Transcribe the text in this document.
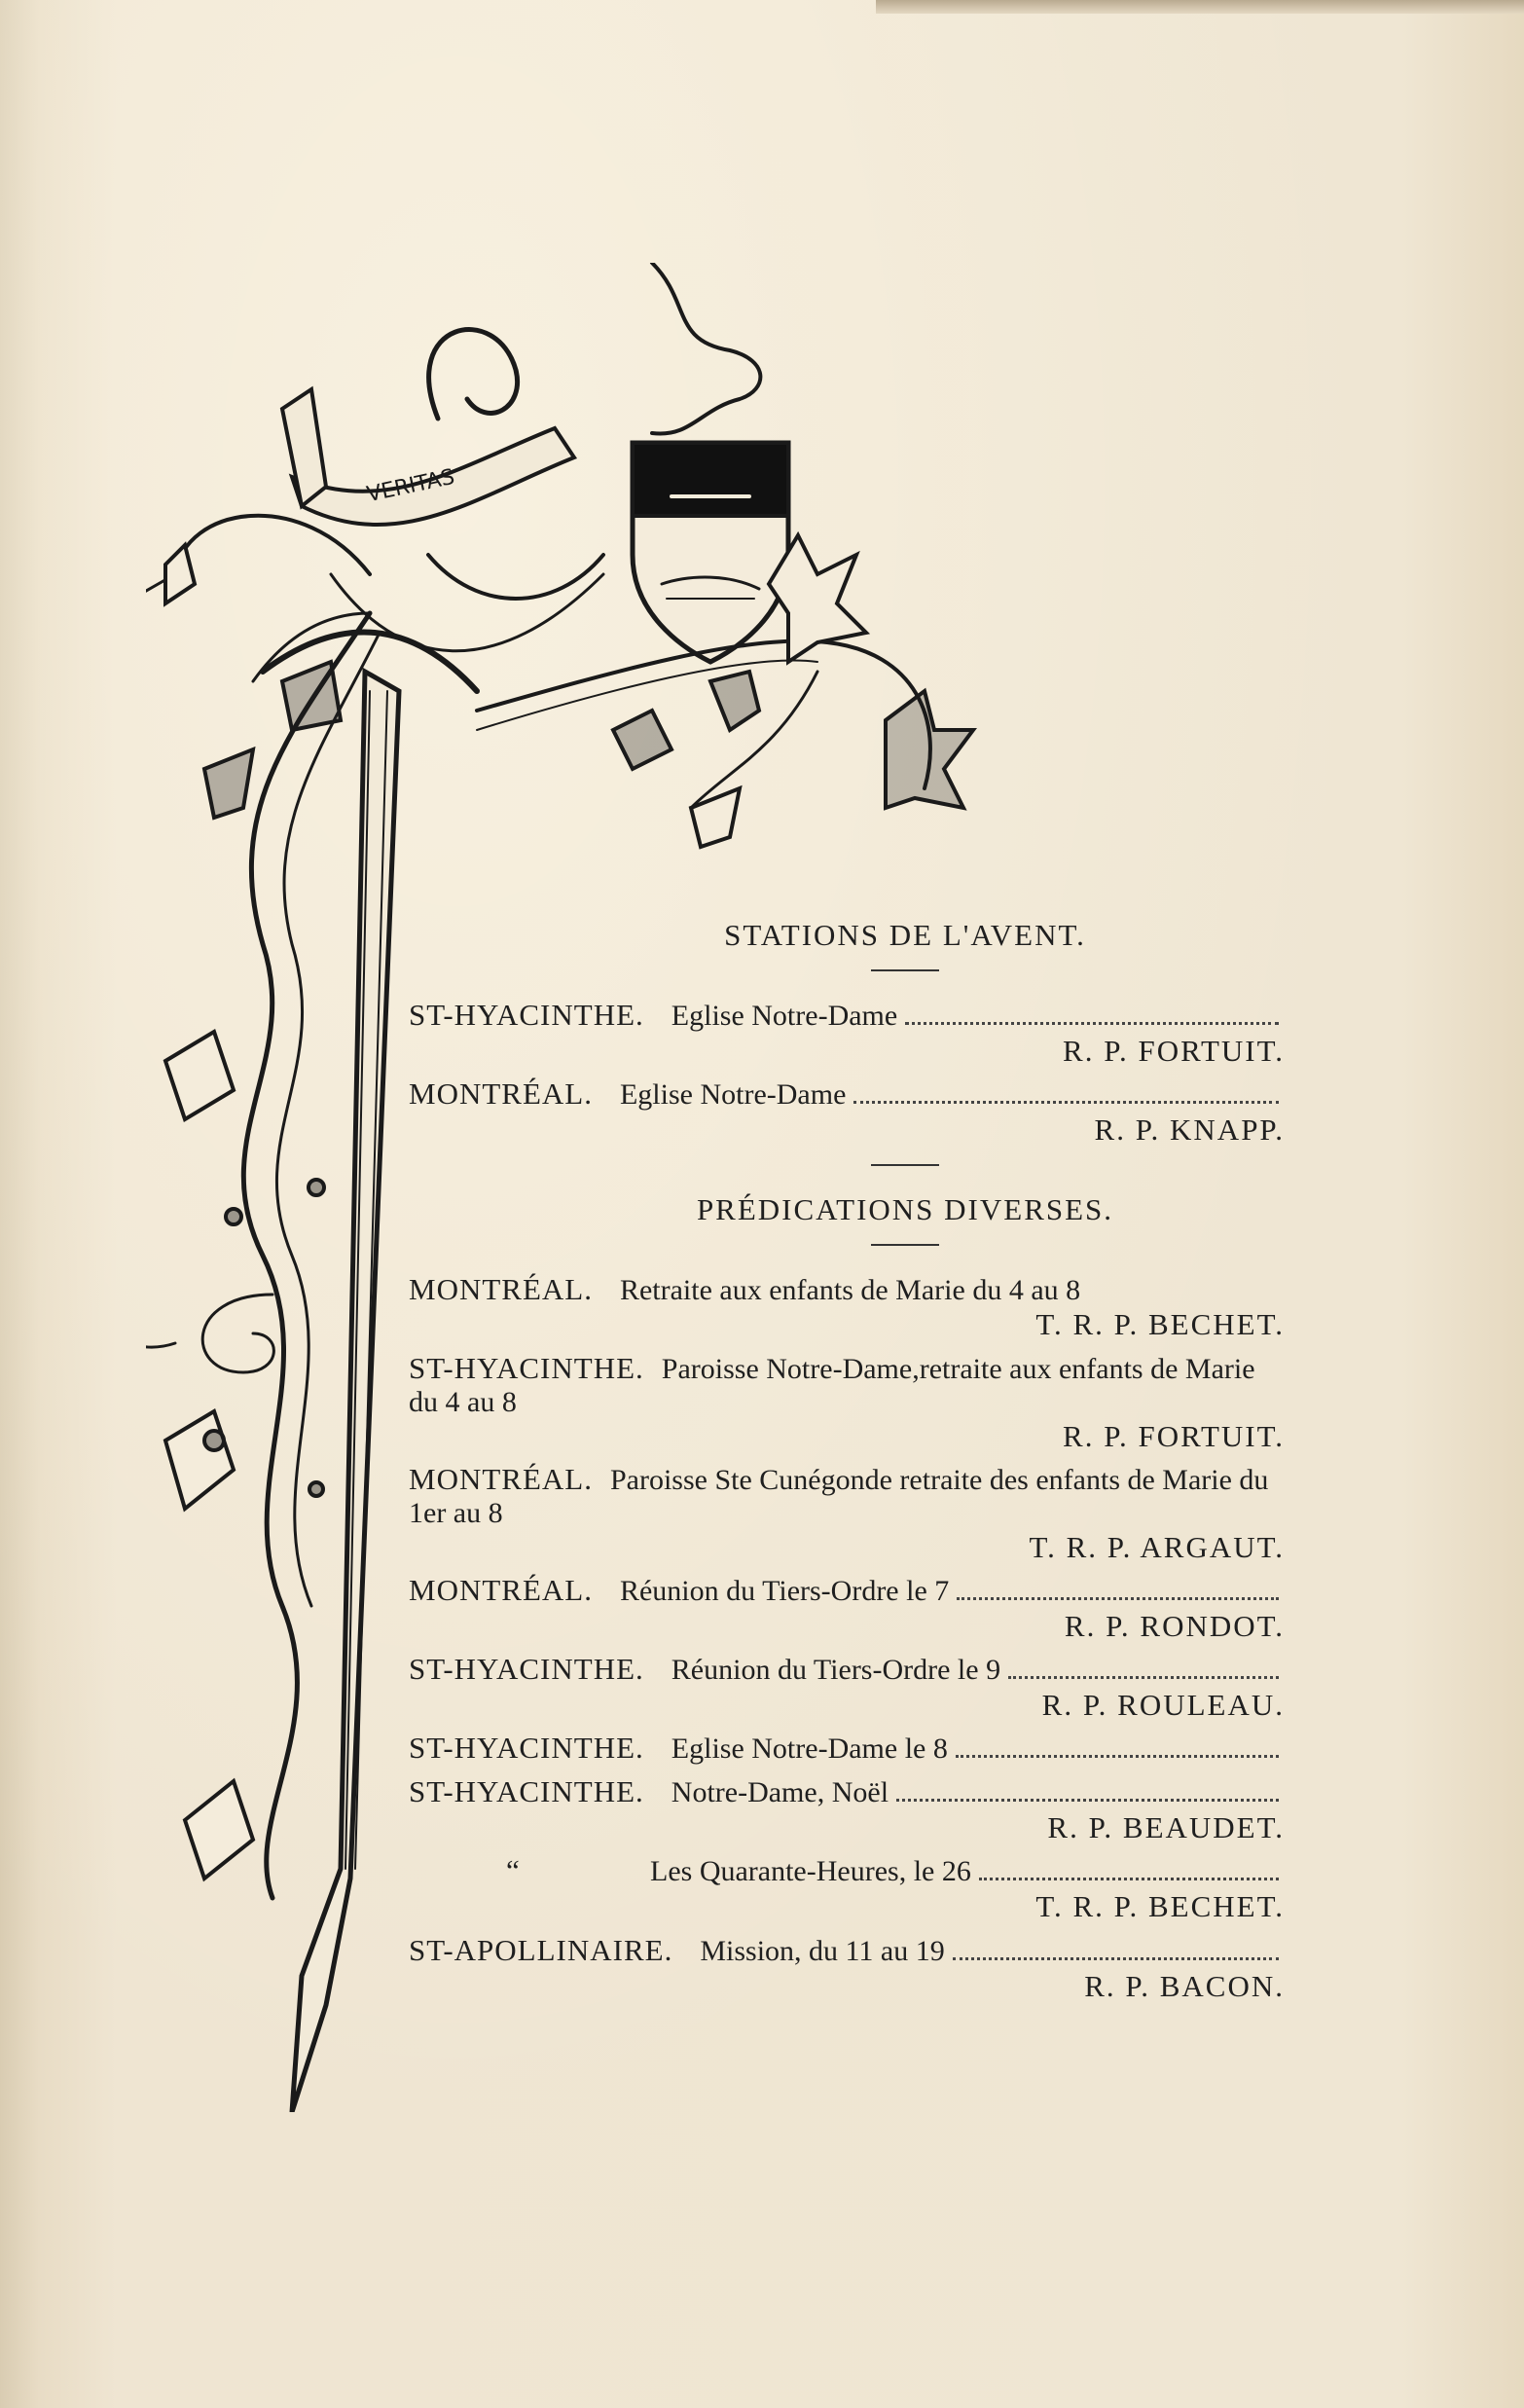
VERITAS
STATIONS DE L'AVENT.
ST-HYACINTHE. Eglise Notre-Dame
R. P. FORTUIT.
MONTRÉAL. Eglise Notre-Dame
R. P. KNAPP.
PRÉDICATIONS DIVERSES.
MONTRÉAL. Retraite aux enfants de Marie du 4 au 8
T. R. P. BECHET.
ST-HYACINTHE. Paroisse Notre-Dame,retraite aux enfants de Marie du 4 au 8
R. P. FORTUIT.
MONTRÉAL. Paroisse Ste Cunégonde retraite des enfants de Marie du 1er au 8
T. R. P. ARGAUT.
MONTRÉAL. Réunion du Tiers-Ordre le 7
R. P. RONDOT.
ST-HYACINTHE. Réunion du Tiers-Ordre le 9
R. P. ROULEAU.
ST-HYACINTHE. Eglise Notre-Dame le 8
ST-HYACINTHE. Notre-Dame, Noël
R. P. BEAUDET.
“	Les Quarante-Heures, le 26
T. R. P. BECHET.
ST-APOLLINAIRE. Mission, du 11 au 19
R. P. BACON.
